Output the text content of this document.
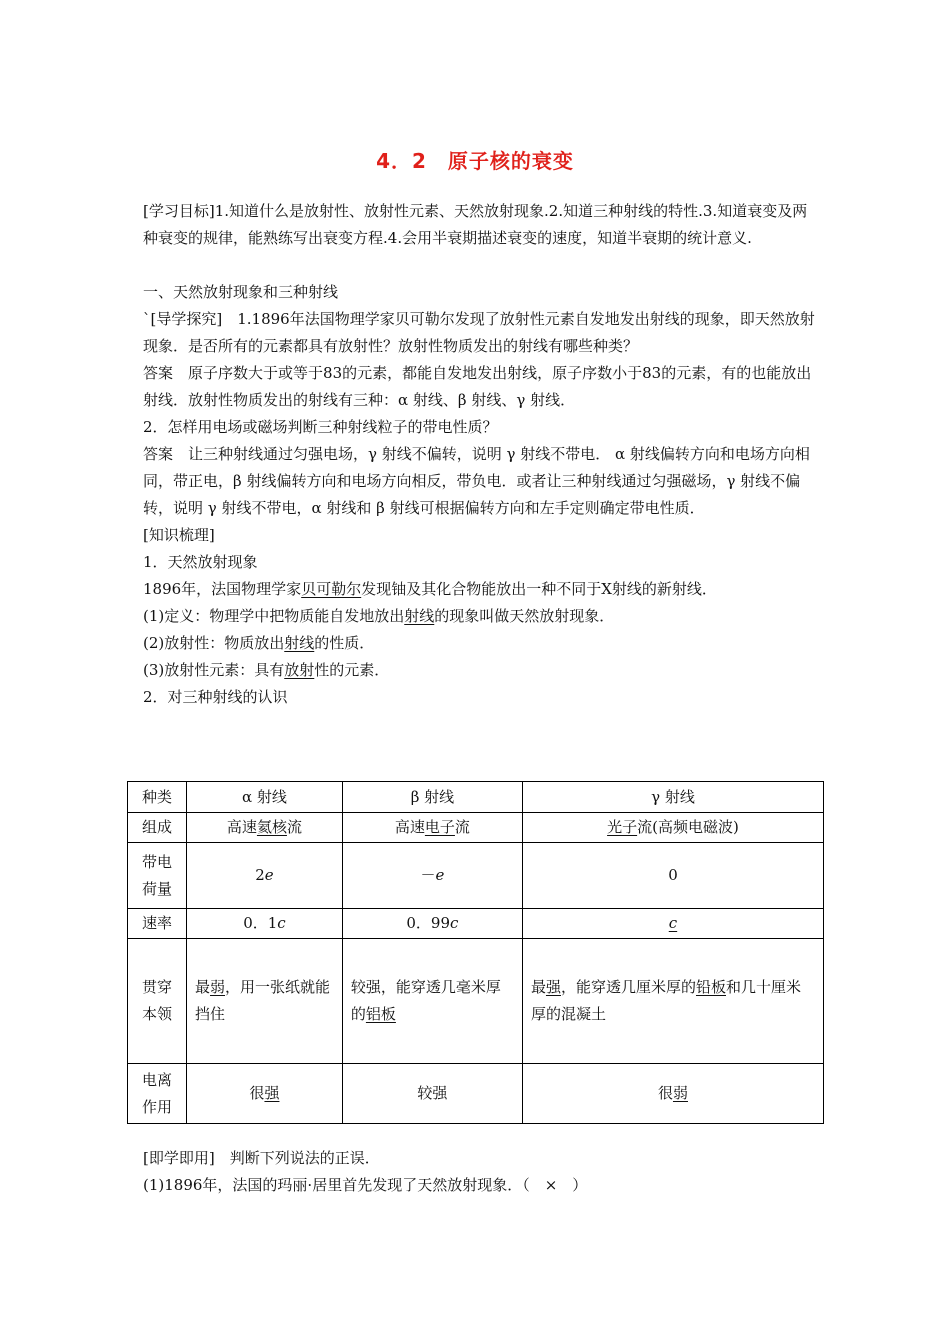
4．2　原子核的衰变

[学习目标]1.知道什么是放射性、放射性元素、天然放射现象.2.知道三种射线的特性.3.知道衰变及两种衰变的规律，能熟练写出衰变方程.4.会用半衰期描述衰变的速度，知道半衰期的统计意义.

一、天然放射现象和三种射线

`[导学探究]　 1.1896年法国物理学家贝可勒尔发现了放射性元素自发地发出射线的现象，即天然放射现象．是否所有的元素都具有放射性？放射性物质发出的射线有哪些种类？

答案　 原子序数大于或等于83的元素，都能自发地发出射线，原子序数小于83的元素，有的也能放出射线．放射性物质发出的射线有三种：α 射线、β 射线、γ 射线．

2．怎样用电场或磁场判断三种射线粒子的带电性质？

答案　 让三种射线通过匀强电场，γ 射线不偏转，说明 γ 射线不带电． α 射线偏转方向和电场方向相同，带正电，β 射线偏转方向和电场方向相反，带负电．或者让三种射线通过匀强磁场，γ 射线不偏转，说明 γ 射线不带电，α 射线和 β 射线可根据偏转方向和左手定则确定带电性质．

[知识梳理]

1．天然放射现象

1896年，法国物理学家贝可勒尔发现铀及其化合物能放出一种不同于X射线的新射线．

(1)定义：物理学中把物质能自发地放出射线的现象叫做天然放射现象．

(2)放射性：物质放出射线的性质．

(3)放射性元素：具有放射性的元素．

2．对三种射线的认识

种类	α 射线	β 射线	γ 射线
组成	高速氦核流	高速电子流	光子流(高频电磁波)
带电
荷量	2e	－e	0
速率	0．1c	0．99c	c
贯穿
本领	最弱，用一张纸就能挡住	较强，能穿透几毫米厚的铝板	最强，能穿透几厘米厚的铅板和几十厘米厚的混凝土
电离
作用	很强	较强	很弱

[即学即用]　 判断下列说法的正误．

(1)1896年，法国的玛丽·居里首先发现了天然放射现象．（　×　）
